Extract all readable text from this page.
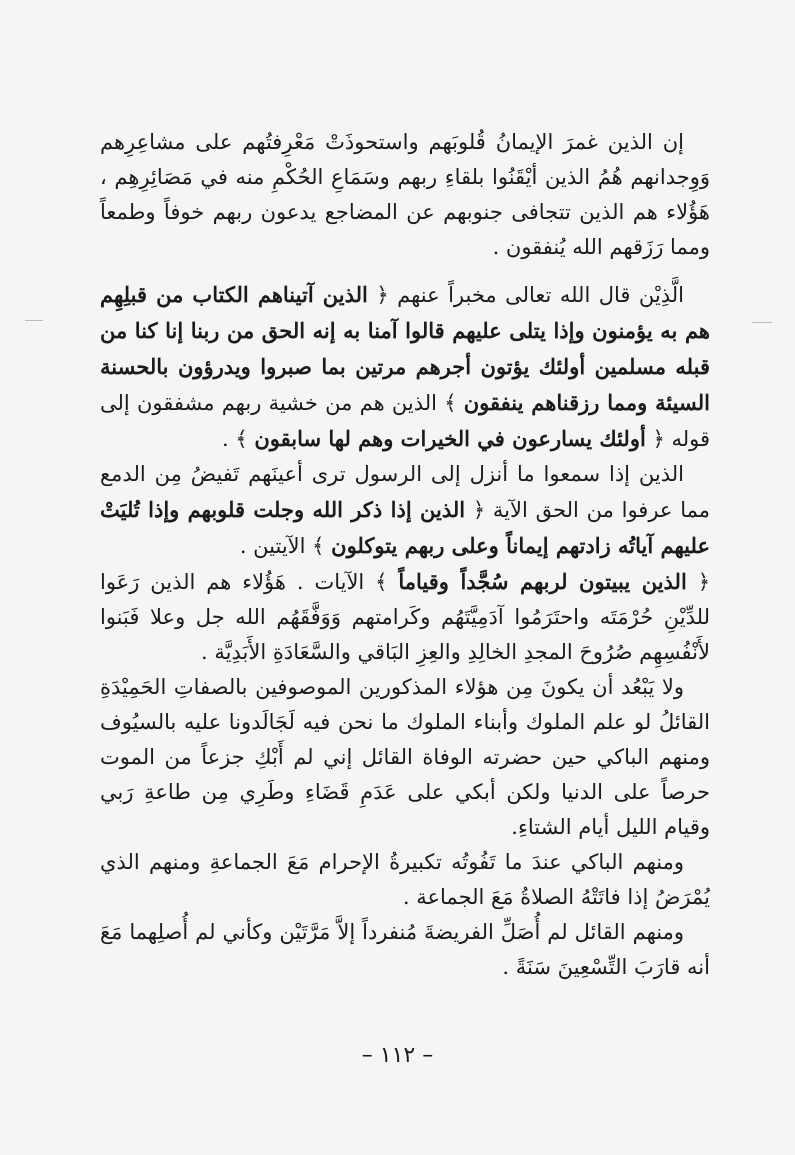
إن الذين غمرَ الإيمانُ قُلوبَهم واستحوذَتْ مَعْرِفتُهم على مشاعِرِهم وَوِجدانهم هُمُ الذين أيْقَنُوا بلقاءِ ربهم وسَمَاعِ الحُكْمِ منه في مَصَائِرِهِم ، هَؤُلاء هم الذين تتجافى جنوبهم عن المضاجع يدعون ربهم خوفاً وطمعاً ومما رَزَقهم الله يُنفقون .

الَّذِيْن قال الله تعالى مخبراً عنهم ﴿ الذين آتيناهم الكتاب من قبلِهِم هم به يؤمنون وإذا يتلى عليهم قالوا آمنا به إنه الحق من ربنا إنا كنا من قبله مسلمين أولئك يؤتون أجرهم مرتين بما صبروا ويدرؤون بالحسنة السيئة ومما رزقناهم ينفقون ﴾ الذين هم من خشية ربهم مشفقون إلى قوله ﴿ أولئك يسارعون في الخيرات وهم لها سابقون ﴾ .

الذين إذا سمعوا ما أنزل إلى الرسول ترى أعينَهم تَفيضُ مِن الدمع مما عرفوا من الحق الآية ﴿ الذين إذا ذكر الله وجلت قلوبهم وإذا تُليَتْ عليهم آياتُه زادتهم إيماناً وعلى ربهم يتوكلون ﴾ الآيتين .

﴿ الذين يبيتون لربهم سُجَّداً وقياماً ﴾ الآيات . هَؤُلاء هم الذين رَعَوا للدِّيْنِ حُرْمَتَه واحتَرَمُوا آدَمِيَّتَهُم وكَرامتهم وَوَفَّقَهُم الله جل وعلا فَبَنوا لأَنْفُسِهِم صُرُوحَ المجدِ الخالِدِ والعِزِ البَاقي والسَّعَادَةِ الأَبَدِيَّة .

ولا يَبْعُد أن يكونَ مِن هؤلاء المذكورين الموصوفين بالصفاتِ الحَمِيْدَةِ القائلُ لو علم الملوك وأبناء الملوك ما نحن فيه لَجَالَدونا عليه بالسيُوف ومنهم الباكي حين حضرته الوفاة القائل إني لم أَبْكِ جزعاً من الموت حرصاً على الدنيا ولكن أبكي على عَدَمِ قَضَاءِ وطَرِي مِن طاعةِ رَبي وقيام الليل أيام الشتاءِ.

ومنهم الباكي عندَ ما تَفُوتُه تكبيرةُ الإحرام مَعَ الجماعةِ ومنهم الذي يُمْرَضُ إذا فاتَتْهُ الصلاةُ مَعَ الجماعة .

ومنهم القائل لم أُصَلِّ الفريضةَ مُنفرداً إلاَّ مَرَّتَيْن وكأني لم أُصلِهما مَعَ أنه قارَبَ التِّسْعِينَ سَنَةً .

– ١١٢ –
